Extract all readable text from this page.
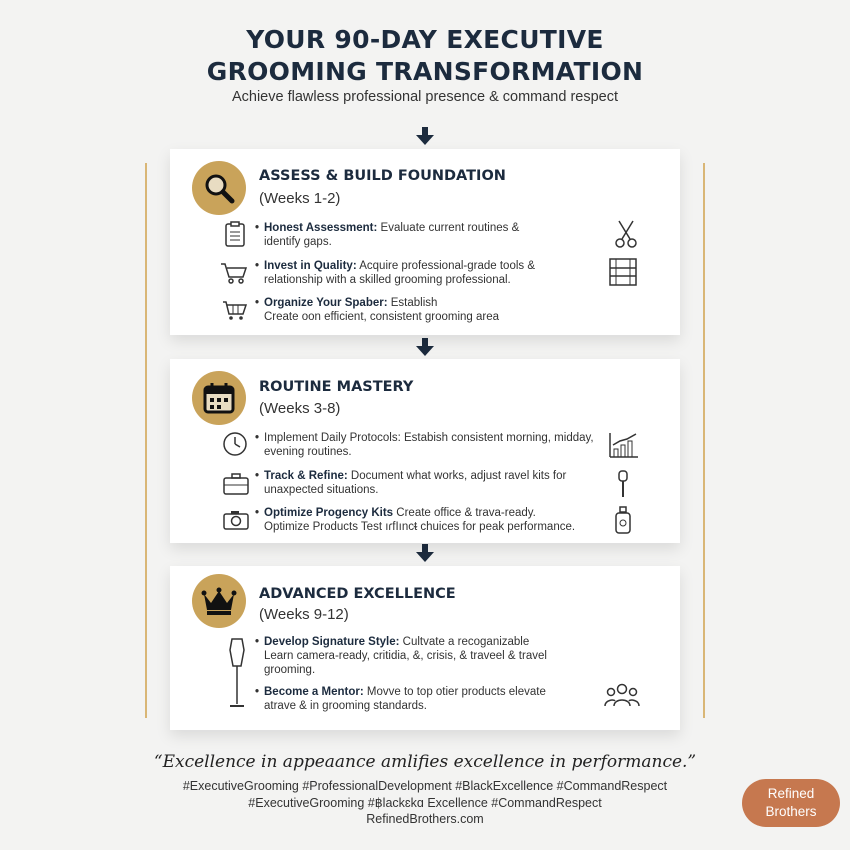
YOUR 90-DAY EXECUTIVE
GROOMING TRANSFORMATION
Achieve flawless professional presence & command respect
ASSESS & BUILD FOUNDATION
(Weeks 1-2)
• Honest Assessment: Evaluate current routines &
identify gaps.
• Invest in Quality: Acquire professional-grade tools &
relationship with a skilled grooming professional.
• Organize Your Spaber: Establish
Create oon efficient, consistent grooming area
ROUTINE MASTERY
(Weeks 3-8)
• Implement Daily Protocols: Estabish consistent morning, midday,
evening routines.
• Track & Refine: Document what works, adjust ravel kits for
unaxpected situations.
• Optimize Progency Kits Create office & trava-ready.
Optimize Products Test ıɾfIıncᵵ chuices for peak performance.
ADVANCED EXCELLENCE
(Weeks 9-12)
• Develop Signature Style: Cultvate a recoganizable
Learn camera-ready, critidia, &, crisis, & traveel & travel
grooming.
• Become a Mentor: Movve to top otier products elevate
atrave & in grooming standards.
“Excellence in appeaance amlifies excellence in performance.”
#ExecutiveGrooming #ProfessionalDevelopment #BlackExcellence #CommandRespect
#ExecutiveGrooming #฿lackɛkɑ Excellence #CommandRespect
RefinedBrothers.com
Refined
Brothers
